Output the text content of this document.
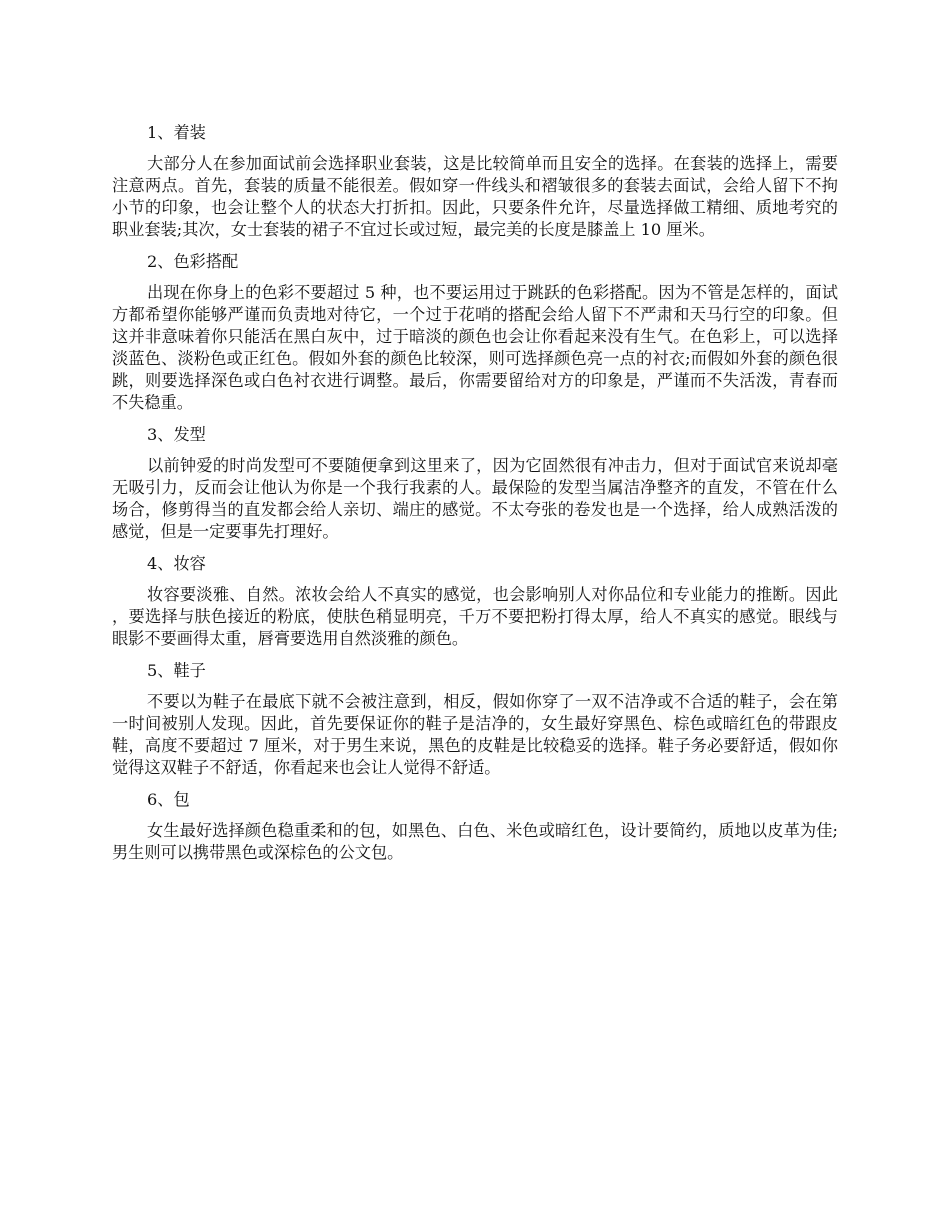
1、着装

大部分人在参加面试前会选择职业套装，这是比较简单而且安全的选择。在套装的选择上，需要注意两点。首先，套装的质量不能很差。假如穿一件线头和褶皱很多的套装去面试，会给人留下不拘小节的印象，也会让整个人的状态大打折扣。因此，只要条件允许，尽量选择做工精细、质地考究的职业套装;其次，女士套装的裙子不宜过长或过短，最完美的长度是膝盖上 10 厘米。

2、色彩搭配

出现在你身上的色彩不要超过 5 种，也不要运用过于跳跃的色彩搭配。因为不管是怎样的，面试方都希望你能够严谨而负责地对待它，一个过于花哨的搭配会给人留下不严肃和天马行空的印象。但这并非意味着你只能活在黑白灰中，过于暗淡的颜色也会让你看起来没有生气。在色彩上，可以选择淡蓝色、淡粉色或正红色。假如外套的颜色比较深，则可选择颜色亮一点的衬衣;而假如外套的颜色很跳，则要选择深色或白色衬衣进行调整。最后，你需要留给对方的印象是，严谨而不失活泼，青春而不失稳重。

3、发型

以前钟爱的时尚发型可不要随便拿到这里来了，因为它固然很有冲击力，但对于面试官来说却毫无吸引力，反而会让他认为你是一个我行我素的人。最保险的发型当属洁净整齐的直发，不管在什么场合，修剪得当的直发都会给人亲切、端庄的感觉。不太夸张的卷发也是一个选择，给人成熟活泼的感觉，但是一定要事先打理好。

4、妆容

妆容要淡雅、自然。浓妆会给人不真实的感觉，也会影响别人对你品位和专业能力的推断。因此，要选择与肤色接近的粉底，使肤色稍显明亮，千万不要把粉打得太厚，给人不真实的感觉。眼线与眼影不要画得太重，唇膏要选用自然淡雅的颜色。

5、鞋子

不要以为鞋子在最底下就不会被注意到，相反，假如你穿了一双不洁净或不合适的鞋子，会在第一时间被别人发现。因此，首先要保证你的鞋子是洁净的，女生最好穿黑色、棕色或暗红色的带跟皮鞋，高度不要超过 7 厘米，对于男生来说，黑色的皮鞋是比较稳妥的选择。鞋子务必要舒适，假如你觉得这双鞋子不舒适，你看起来也会让人觉得不舒适。

6、包

女生最好选择颜色稳重柔和的包，如黑色、白色、米色或暗红色，设计要简约，质地以皮革为佳;男生则可以携带黑色或深棕色的公文包。
